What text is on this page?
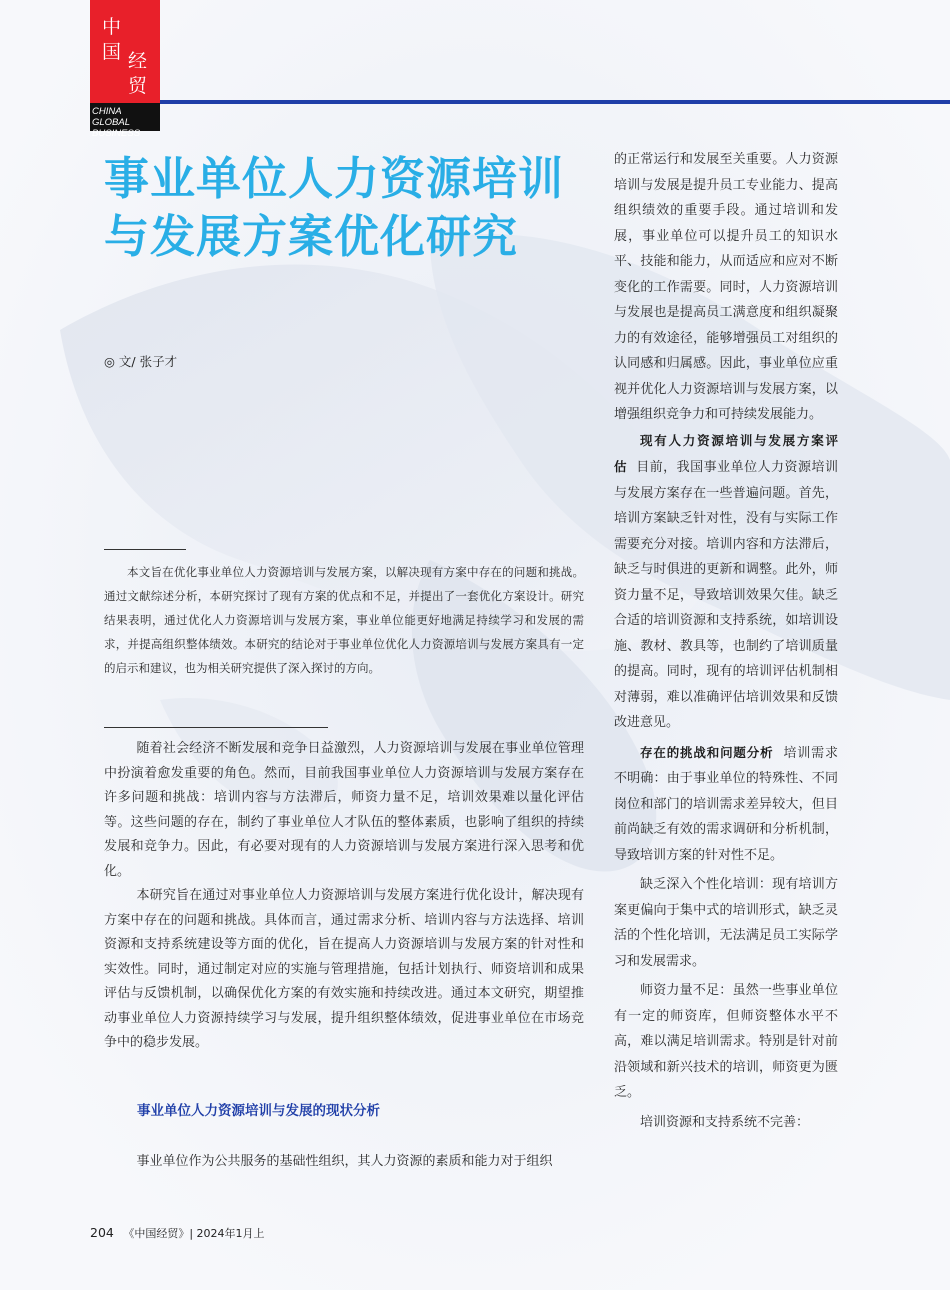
中
国 经
贸
CHINA GLOBAL BUSINESS
事业单位人力资源培训
与发展方案优化研究
◎ 文/ 张子才

本文旨在优化事业单位人力资源培训与发展方案，以解决现有方案中存在的问题和挑战。通过文献综述分析，本研究探讨了现有方案的优点和不足，并提出了一套优化方案设计。研究结果表明，通过优化人力资源培训与发展方案，事业单位能更好地满足持续学习和发展的需求，并提高组织整体绩效。本研究的结论对于事业单位优化人力资源培训与发展方案具有一定的启示和建议，也为相关研究提供了深入探讨的方向。

随着社会经济不断发展和竞争日益激烈，人力资源培训与发展在事业单位管理中扮演着愈发重要的角色。然而，目前我国事业单位人力资源培训与发展方案存在许多问题和挑战：培训内容与方法滞后，师资力量不足，培训效果难以量化评估等。这些问题的存在，制约了事业单位人才队伍的整体素质，也影响了组织的持续发展和竞争力。因此，有必要对现有的人力资源培训与发展方案进行深入思考和优化。

本研究旨在通过对事业单位人力资源培训与发展方案进行优化设计，解决现有方案中存在的问题和挑战。具体而言，通过需求分析、培训内容与方法选择、培训资源和支持系统建设等方面的优化，旨在提高人力资源培训与发展方案的针对性和实效性。同时，通过制定对应的实施与管理措施，包括计划执行、师资培训和成果评估与反馈机制，以确保优化方案的有效实施和持续改进。通过本文研究，期望推动事业单位人力资源持续学习与发展，提升组织整体绩效，促进事业单位在市场竞争中的稳步发展。

事业单位人力资源培训与发展的现状分析

事业单位作为公共服务的基础性组织，其人力资源的素质和能力对于组织

的正常运行和发展至关重要。人力资源培训与发展是提升员工专业能力、提高组织绩效的重要手段。通过培训和发展，事业单位可以提升员工的知识水平、技能和能力，从而适应和应对不断变化的工作需要。同时，人力资源培训与发展也是提高员工满意度和组织凝聚力的有效途径，能够增强员工对组织的认同感和归属感。因此，事业单位应重视并优化人力资源培训与发展方案，以增强组织竞争力和可持续发展能力。

现有人力资源培训与发展方案评估 目前，我国事业单位人力资源培训与发展方案存在一些普遍问题。首先，培训方案缺乏针对性，没有与实际工作需要充分对接。培训内容和方法滞后，缺乏与时俱进的更新和调整。此外，师资力量不足，导致培训效果欠佳。缺乏合适的培训资源和支持系统，如培训设施、教材、教具等，也制约了培训质量的提高。同时，现有的培训评估机制相对薄弱，难以准确评估培训效果和反馈改进意见。

存在的挑战和问题分析 培训需求不明确：由于事业单位的特殊性、不同岗位和部门的培训需求差异较大，但目前尚缺乏有效的需求调研和分析机制，导致培训方案的针对性不足。

缺乏深入个性化培训：现有培训方案更偏向于集中式的培训形式，缺乏灵活的个性化培训，无法满足员工实际学习和发展需求。

师资力量不足：虽然一些事业单位有一定的师资库，但师资整体水平不高，难以满足培训需求。特别是针对前沿领域和新兴技术的培训，师资更为匮乏。

培训资源和支持系统不完善：

204 《中国经贸》| 2024年1月上
